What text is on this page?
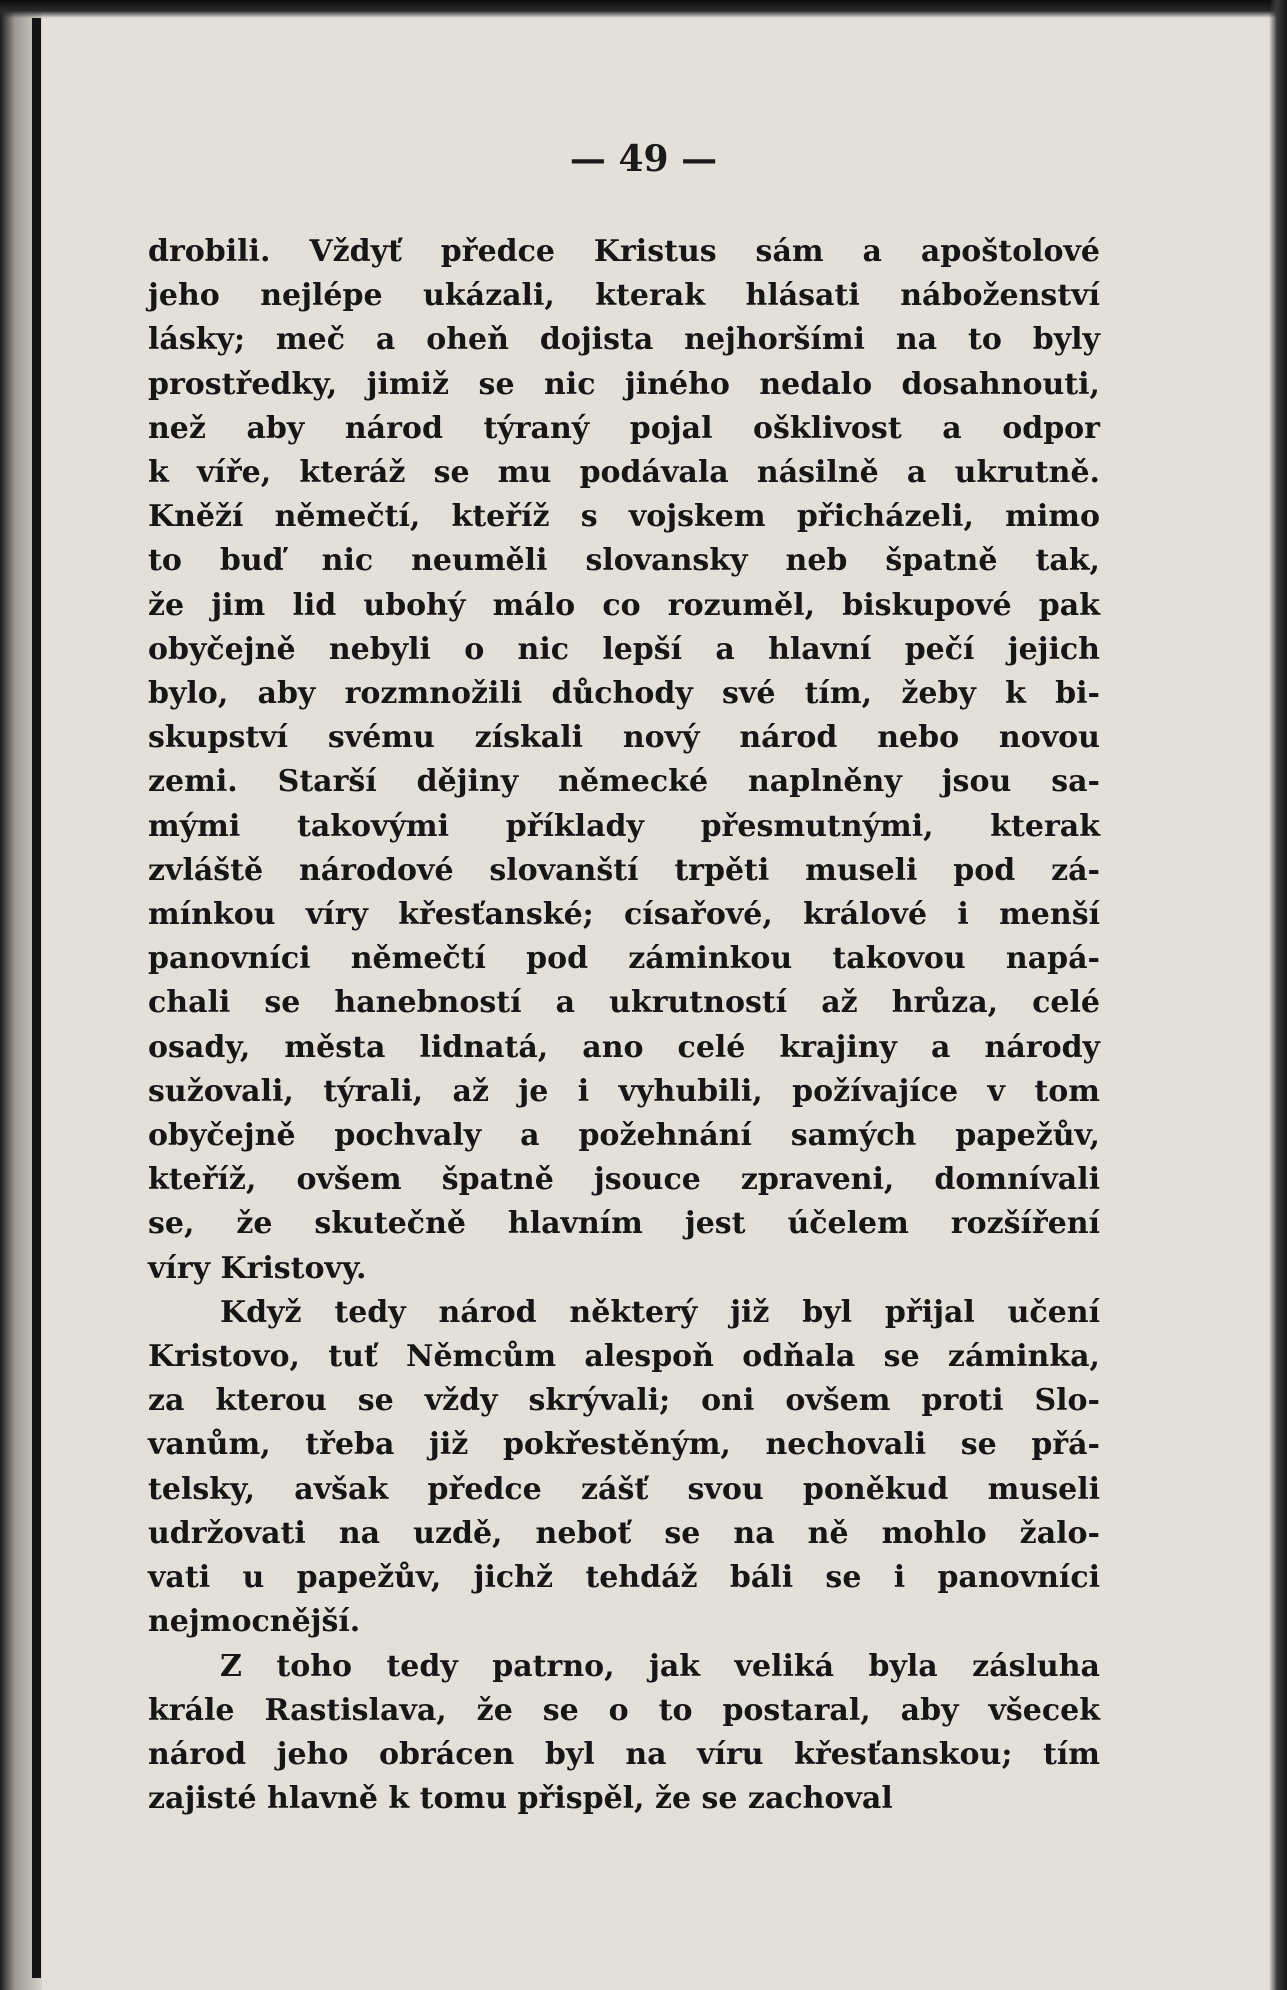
— 49 —
drobili. Vždyť předce Kristus sám a apoštolové
jeho nejlépe ukázali, kterak hlásati náboženství
lásky; meč a oheň dojista nejhoršími na to byly
prostředky, jimiž se nic jiného nedalo dosahnouti,
než aby národ týraný pojal ošklivost a odpor
k víře, kteráž se mu podávala násilně a ukrutně.
Kněží němečtí, kteříž s vojskem přicházeli, mimo
to buď nic neuměli slovansky neb špatně tak,
že jim lid ubohý málo co rozuměl, biskupové pak
obyčejně nebyli o nic lepší a hlavní pečí jejich
bylo, aby rozmnožili důchody své tím, žeby k bi-
skupství svému získali nový národ nebo novou
zemi. Starší dějiny německé naplněny jsou sa-
mými takovými příklady přesmutnými, kterak
zvláště národové slovanští trpěti museli pod zá-
mínkou víry křesťanské; císařové, králové i menší
panovníci němečtí pod záminkou takovou napá-
chali se hanebností a ukrutností až hrůza, celé
osady, města lidnatá, ano celé krajiny a národy
sužovali, týrali, až je i vyhubili, požívajíce v tom
obyčejně pochvaly a požehnání samých papežův,
kteříž, ovšem špatně jsouce zpraveni, domnívali
se, že skutečně hlavním jest účelem rozšíření
víry Kristovy.
Když tedy národ některý již byl přijal učení
Kristovo, tuť Němcům alespoň odňala se záminka,
za kterou se vždy skrývali; oni ovšem proti Slo-
vanům, třeba již pokřestěným, nechovali se přá-
telsky, avšak předce zášť svou poněkud museli
udržovati na uzdě, neboť se na ně mohlo žalo-
vati u papežův, jichž tehdáž báli se i panovníci
nejmocnější.
Z toho tedy patrno, jak veliká byla zásluha
krále Rastislava, že se o to postaral, aby všecek
národ jeho obrácen byl na víru křesťanskou; tím
zajisté hlavně k tomu přispěl, že se zachoval
